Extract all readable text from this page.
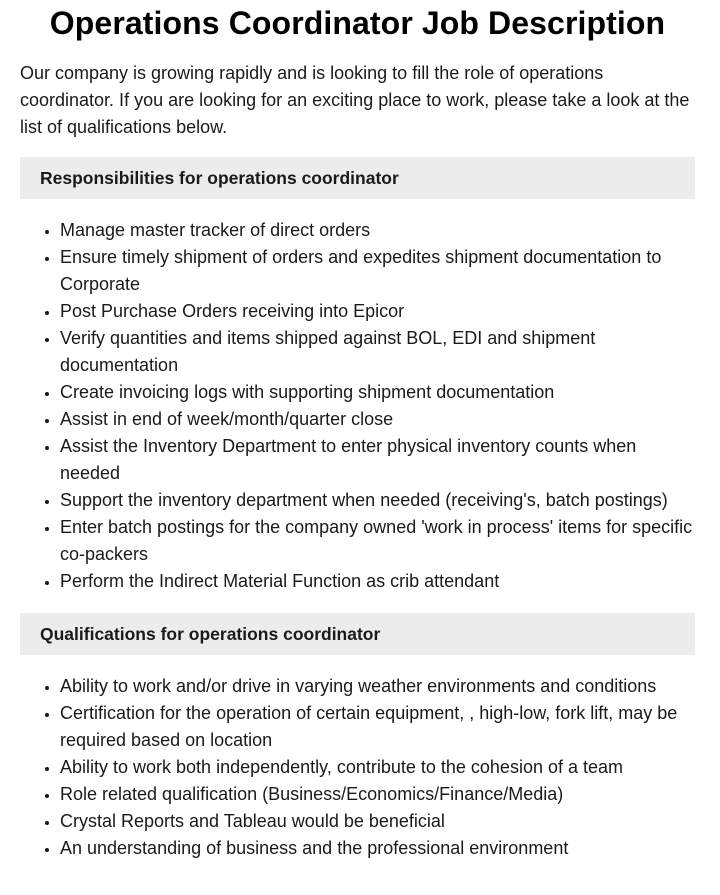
Operations Coordinator Job Description

Our company is growing rapidly and is looking to fill the role of operations coordinator. If you are looking for an exciting place to work, please take a look at the list of qualifications below.

Responsibilities for operations coordinator
• Manage master tracker of direct orders
• Ensure timely shipment of orders and expedites shipment documentation to Corporate
• Post Purchase Orders receiving into Epicor
• Verify quantities and items shipped against BOL, EDI and shipment documentation
• Create invoicing logs with supporting shipment documentation
• Assist in end of week/month/quarter close
• Assist the Inventory Department to enter physical inventory counts when needed
• Support the inventory department when needed (receiving's, batch postings)
• Enter batch postings for the company owned 'work in process' items for specific co-packers
• Perform the Indirect Material Function as crib attendant
Qualifications for operations coordinator
• Ability to work and/or drive in varying weather environments and conditions
• Certification for the operation of certain equipment, , high-low, fork lift, may be required based on location
• Ability to work both independently, contribute to the cohesion of a team
• Role related qualification (Business/Economics/Finance/Media)
• Crystal Reports and Tableau would be beneficial
• An understanding of business and the professional environment
